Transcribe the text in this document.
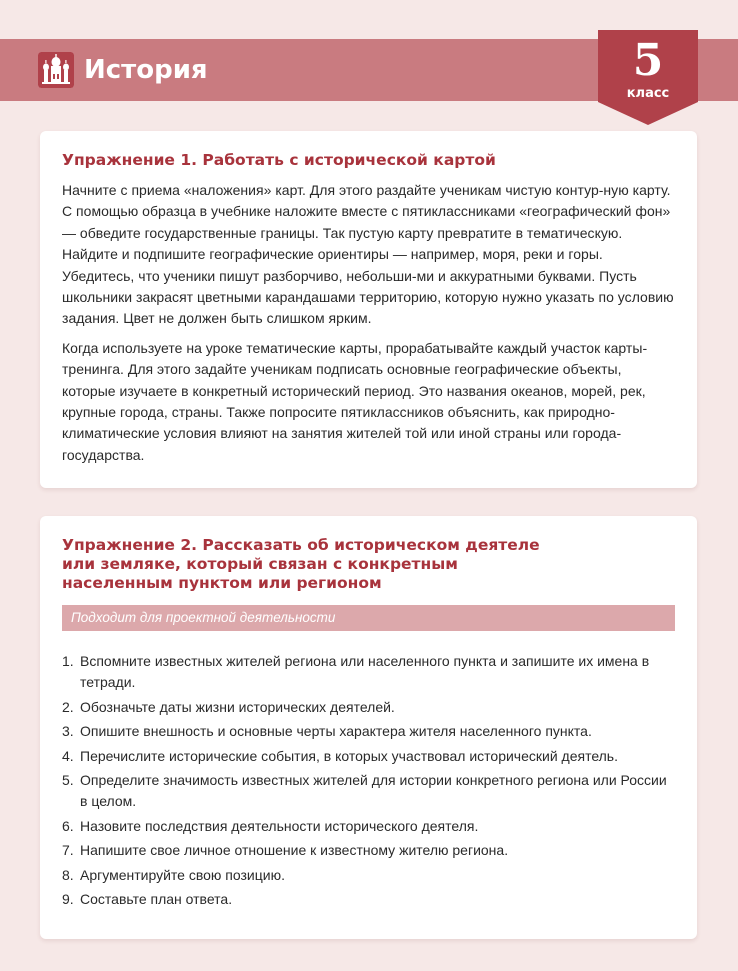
История	5
класс
Упражнение 1. Работать с исторической картой

Начните с приема «наложения» карт. Для этого раздайте ученикам чистую контур-ную карту. С помощью образца в учебнике наложите вместе с пятиклассниками «географический фон» — обведите государственные границы. Так пустую карту превратите в тематическую. Найдите и подпишите географические ориентиры — например, моря, реки и горы. Убедитесь, что ученики пишут разборчиво, небольши-ми и аккуратными буквами. Пусть школьники закрасят цветными карандашами территорию, которую нужно указать по условию задания. Цвет не должен быть слишком ярким.

Когда используете на уроке тематические карты, прорабатывайте каждый участок карты-тренинга. Для этого задайте ученикам подписать основные географические объекты, которые изучаете в конкретный исторический период. Это названия океанов, морей, рек, крупные города, страны. Также попросите пятиклассников объяснить, как природно-климатические условия влияют на занятия жителей той или иной страны или города-государства.

Упражнение 2. Рассказать об историческом деятеле или земляке, который связан с конкретным населенным пунктом или регионом
Подходит для проектной деятельности
1. Вспомните известных жителей региона или населенного пункта и запишите их имена в тетради.
2. Обозначьте даты жизни исторических деятелей.
3. Опишите внешность и основные черты характера жителя населенного пункта.
4. Перечислите исторические события, в которых участвовал исторический деятель.
5. Определите значимость известных жителей для истории конкретного региона или России в целом.
6. Назовите последствия деятельности исторического деятеля.
7. Напишите свое личное отношение к известному жителю региона.
8. Аргументируйте свою позицию.
9. Составьте план ответа.
